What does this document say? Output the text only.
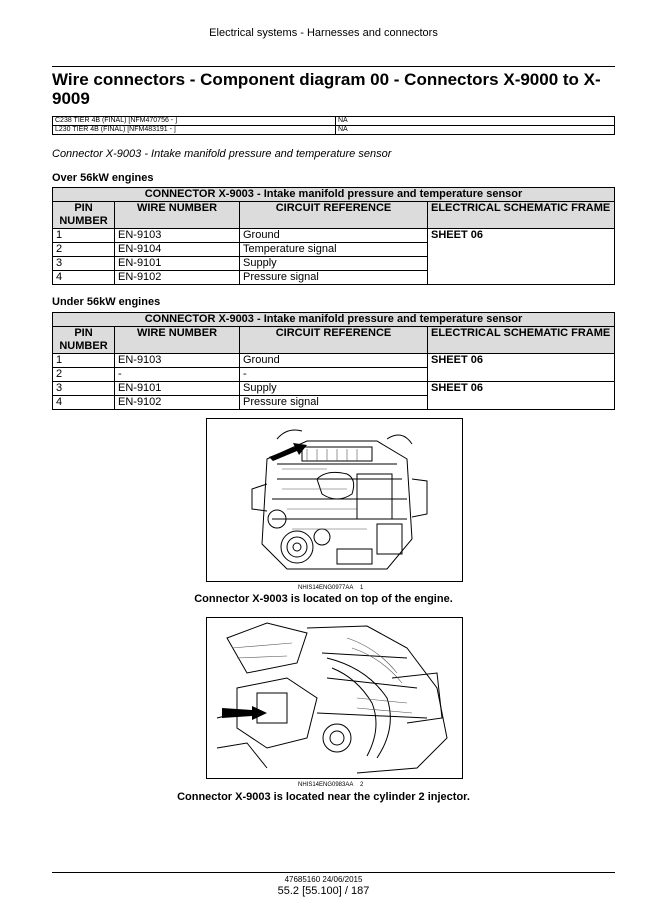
Electrical systems - Harnesses and connectors
Wire connectors - Component diagram 00 - Connectors X-9000 to X-9009
C238 TIER 4B (FINAL) [NFM470756 - ]	NA
L230 TIER 4B (FINAL) [NFM483191 - ]	NA
Connector X-9003 - Intake manifold pressure and temperature sensor
Over 56kW engines
CONNECTOR X-9003 - Intake manifold pressure and temperature sensor			
PIN NUMBER	WIRE NUMBER	CIRCUIT REFERENCE	ELECTRICAL SCHEMATIC FRAME
1	EN-9103	Ground	SHEET 06
2	EN-9104	Temperature signal	
3	EN-9101	Supply	
4	EN-9102	Pressure signal	
Under 56kW engines
CONNECTOR X-9003 - Intake manifold pressure and temperature sensor			
PIN NUMBER	WIRE NUMBER	CIRCUIT REFERENCE	ELECTRICAL SCHEMATIC FRAME
1	EN-9103	Ground	SHEET 06
2	-	-	
3	EN-9101	Supply	SHEET 06
4	EN-9102	Pressure signal	
NHIS14ENG0977AA 1
Connector X-9003 is located on top of the engine.
NHIS14ENG0983AA 2
Connector X-9003 is located near the cylinder 2 injector.
47685160 24/06/2015
55.2 [55.100] / 187
